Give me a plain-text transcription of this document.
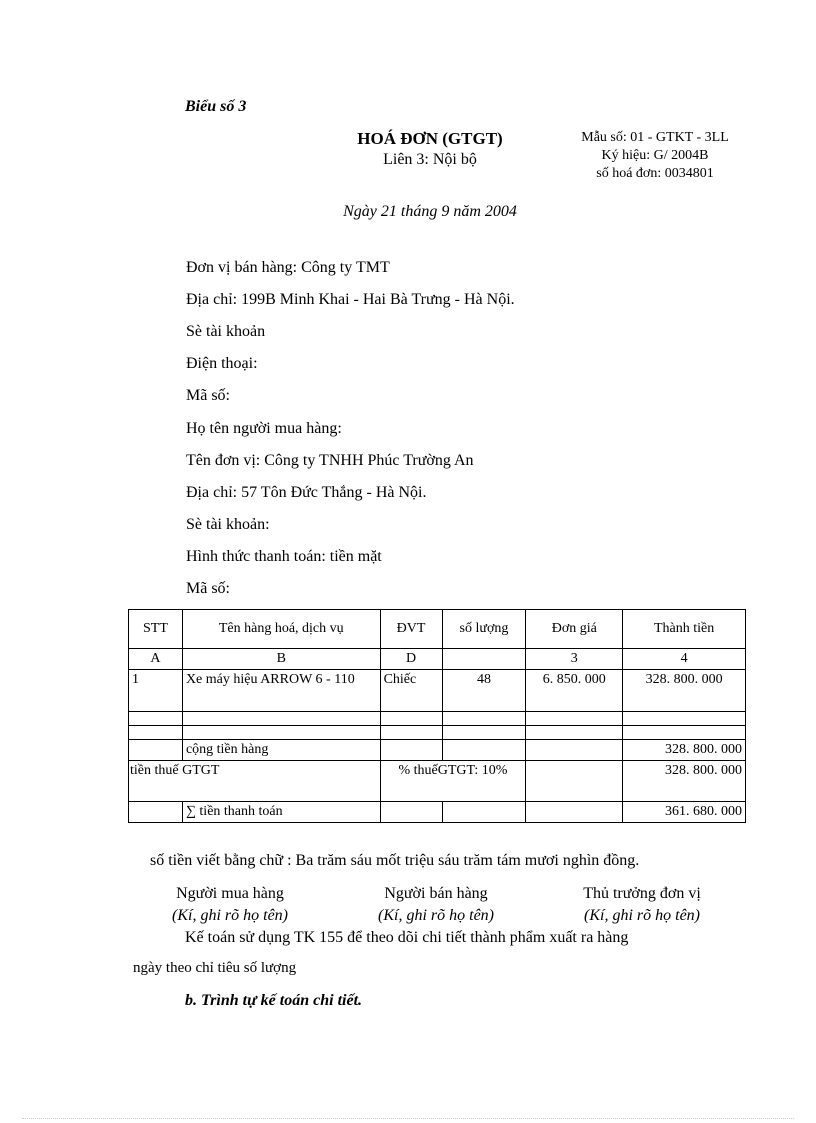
Biểu số 3
HOÁ ĐƠN (GTGT)
Liên 3: Nội bộ
Mẫu số: 01 - GTKT - 3LL
Ký hiệu: G/ 2004B
số hoá đơn: 0034801
Ngày 21 tháng 9 năm 2004
Đơn vị bán hàng: Công ty TMT
Địa chỉ: 199B Minh Khai - Hai Bà Trưng - Hà Nội.
Sè tài khoản
Điện thoại:
Mã số:
Họ tên người mua hàng:
Tên đơn vị: Công ty TNHH Phúc Trường An
Địa chỉ: 57 Tôn Đức Thắng - Hà Nội.
Sè tài khoản:
Hình thức thanh toán: tiền mặt
Mã số:
STT	Tên hàng hoá, dịch vụ	ĐVT	số lượng	Đơn giá	Thành tiền
A	B	D		3	4
1	Xe máy hiệu ARROW 6 - 110	Chiếc	48	6. 850. 000	328. 800. 000

	cộng tiền hàng				328. 800. 000
tiền thuế GTGT		% thuếGTGT: 10%			328. 800. 000
	∑ tiền thanh toán				361. 680. 000
số tiền viết bằng chữ : Ba trăm sáu mốt triệu sáu trăm tám mươi nghìn đồng.
Người mua hàng	Người bán hàng	Thủ trưởng đơn vị
(Kí, ghi rõ họ tên)	(Kí, ghi rõ họ tên)	(Kí, ghi rõ họ tên)
Kế toán sử dụng TK 155 để theo dõi chi tiết thành phẩm xuất ra hàng
ngày theo chỉ tiêu số lượng
b. Trình tự kế toán chi tiết.
